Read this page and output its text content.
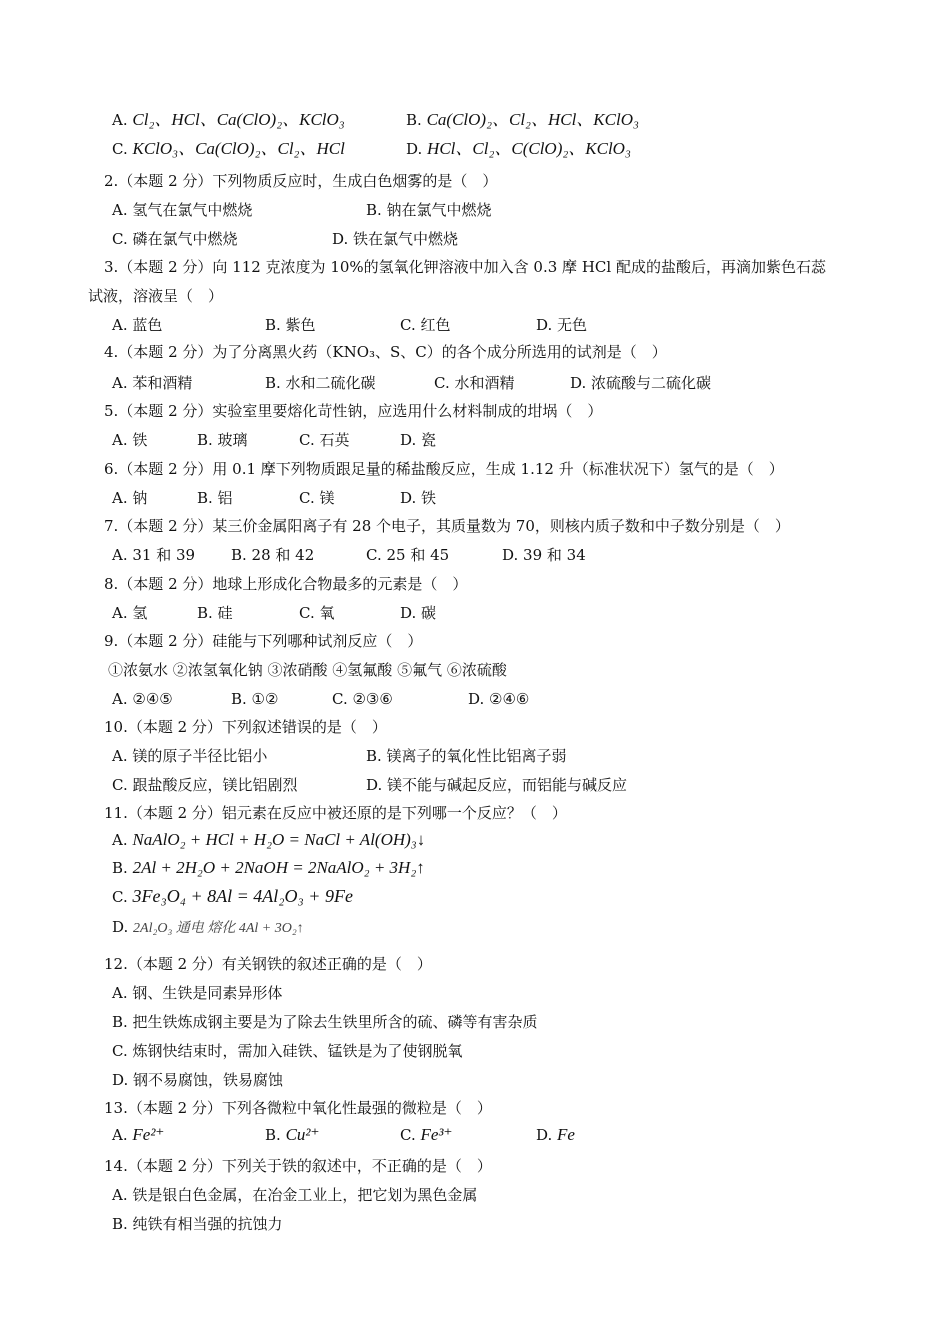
A. Cl₂、HCl、Ca(ClO)₂、KClO₃	B. Ca(ClO)₂、Cl₂、HCl、KClO₃
C. KClO₃、Ca(ClO)₂、Cl₂、HCl	D. HCl、Cl₂、C(ClO)₂、KClO₃
2.（本题 2 分）下列物质反应时，生成白色烟雾的是（　）
A. 氢气在氯气中燃烧	B. 钠在氯气中燃烧
C. 磷在氯气中燃烧	D. 铁在氯气中燃烧
3.（本题 2 分）向 112 克浓度为 10%的氢氧化钾溶液中加入含 0.3 摩 HCl 配成的盐酸后，再滴加紫色石蕊
试液，溶液呈（　）
A. 蓝色	B. 紫色	C. 红色	D. 无色
4.（本题 2 分）为了分离黑火药（KNO₃、S、C）的各个成分所选用的试剂是（　）
A. 苯和酒精	B. 水和二硫化碳	C. 水和酒精	D. 浓硫酸与二硫化碳
5.（本题 2 分）实验室里要熔化苛性钠，应选用什么材料制成的坩埚（　）
A. 铁	B. 玻璃	C. 石英	D. 瓷
6.（本题 2 分）用 0.1 摩下列物质跟足量的稀盐酸反应，生成 1.12 升（标准状况下）氢气的是（　）
A. 钠	B. 铝	C. 镁	D. 铁
7.（本题 2 分）某三价金属阳离子有 28 个电子，其质量数为 70，则核内质子数和中子数分别是（　）
A. 31 和 39 B. 28 和 42	C. 25 和 45	D. 39 和 34
8.（本题 2 分）地球上形成化合物最多的元素是（　）
A. 氢	B. 硅	C. 氧	D. 碳
9.（本题 2 分）硅能与下列哪种试剂反应（　）
①浓氨水 ②浓氢氧化钠 ③浓硝酸 ④氢氟酸 ⑤氟气 ⑥浓硫酸
A. ②④⑤	B. ①②	C. ②③⑥	D. ②④⑥
10.（本题 2 分）下列叙述错误的是（　）
A. 镁的原子半径比铝小	B. 镁离子的氧化性比铝离子弱
C. 跟盐酸反应，镁比铝剧烈	D. 镁不能与碱起反应，而铝能与碱反应
11.（本题 2 分）铝元素在反应中被还原的是下列哪一个反应？（　）
A. NaAlO₂ + HCl + H₂O = NaCl + Al(OH)₃↓
B. 2Al + 2H₂O + 2NaOH = 2NaAlO₂ + 3H₂↑
C. 3Fe₃O₄ + 8Al = 4Al₂O₃ + 9Fe
D. 2Al₂O₃ 通电 熔化 4Al + 3O₂↑
12.（本题 2 分）有关钢铁的叙述正确的是（　）
A. 钢、生铁是同素异形体
B. 把生铁炼成钢主要是为了除去生铁里所含的硫、磷等有害杂质
C. 炼钢快结束时，需加入硅铁、锰铁是为了使钢脱氧
D. 钢不易腐蚀，铁易腐蚀
13.（本题 2 分）下列各微粒中氧化性最强的微粒是（　）
A. Fe²⁺	B. Cu²⁺	C. Fe³⁺	D. Fe
14.（本题 2 分）下列关于铁的叙述中，不正确的是（　）
A. 铁是银白色金属，在冶金工业上，把它划为黑色金属
B. 纯铁有相当强的抗蚀力
